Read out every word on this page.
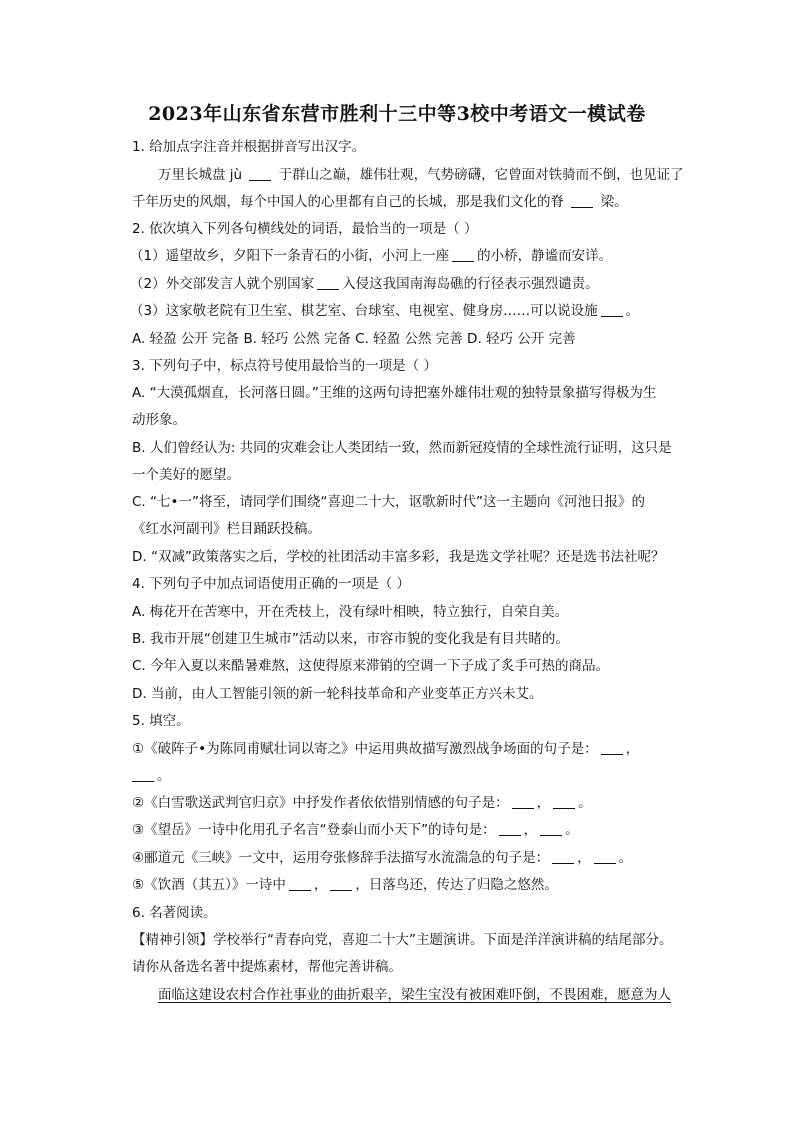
2023年山东省东营市胜利十三中等3校中考语文一模试卷
1. 给加点字注音并根据拼音写出汉字。
万里长城盘 jù  于群山之巅，雄伟壮观，气势磅礴，它曾面对铁骑而不倒，也见证了
千年历史的风烟，每个中国人的心里都有自己的长城，那是我们文化的脊  梁。
2. 依次填入下列各句横线处的词语，最恰当的一项是（ ）
（1）遥望故乡，夕阳下一条青石的小街，小河上一座 的小桥，静谧而安详。
（2）外交部发言人就个别国家 入侵这我国南海岛礁的行径表示强烈谴责。
（3）这家敬老院有卫生室、棋艺室、台球室、电视室、健身房……可以说设施 。
A. 轻盈 公开 完备 B. 轻巧 公然 完备 C. 轻盈 公然 完善 D. 轻巧 公开 完善
3. 下列句子中，标点符号使用最恰当的一项是（ ）
A. “大漠孤烟直，长河落日圆。”王维的这两句诗把塞外雄伟壮观的独特景象描写得极为生
动形象。
B. 人们曾经认为: 共同的灾难会让人类团结一致，然而新冠疫情的全球性流行证明，这只是
一个美好的愿望。
C. “七•一”将至，请同学们围绕“喜迎二十大，讴歌新时代”这一主题向《河池日报》的
《红水河副刊》栏目踊跃投稿。
D. “双减”政策落实之后，学校的社团活动丰富多彩，我是选文学社呢？还是选书法社呢？
4. 下列句子中加点词语使用正确的一项是（ ）
A. 梅花开在苦寒中，开在秃枝上，没有绿叶相映，特立独行，自荣自美。
B. 我市开展“创建卫生城市”活动以来，市容市貌的变化我是有目共睹的。
C. 今年入夏以来酷暑难熬，这使得原来滞销的空调一下子成了炙手可热的商品。
D. 当前，由人工智能引领的新一轮科技革命和产业变革正方兴未艾。
5. 填空。
①《破阵子•为陈同甫赋壮词以寄之》中运用典故描写激烈战争场面的句子是： ，
。
②《白雪歌送武判官归京》中抒发作者依依惜别情感的句子是： ， 。
③《望岳》一诗中化用孔子名言“登泰山而小天下”的诗句是： ， 。
④郦道元《三峡》一文中，运用夸张修辞手法描写水流湍急的句子是： ， 。
⑤《饮酒（其五）》一诗中 ， ，日落鸟还，传达了归隐之悠然。
6. 名著阅读。
【精神引领】学校举行“青春向党，喜迎二十大”主题演讲。下面是洋洋演讲稿的结尾部分。
请你从备选名著中提炼素材，帮他完善讲稿。
面临这建设农村合作社事业的曲折艰辛，梁生宝没有被困难吓倒，不畏困难，愿意为人
